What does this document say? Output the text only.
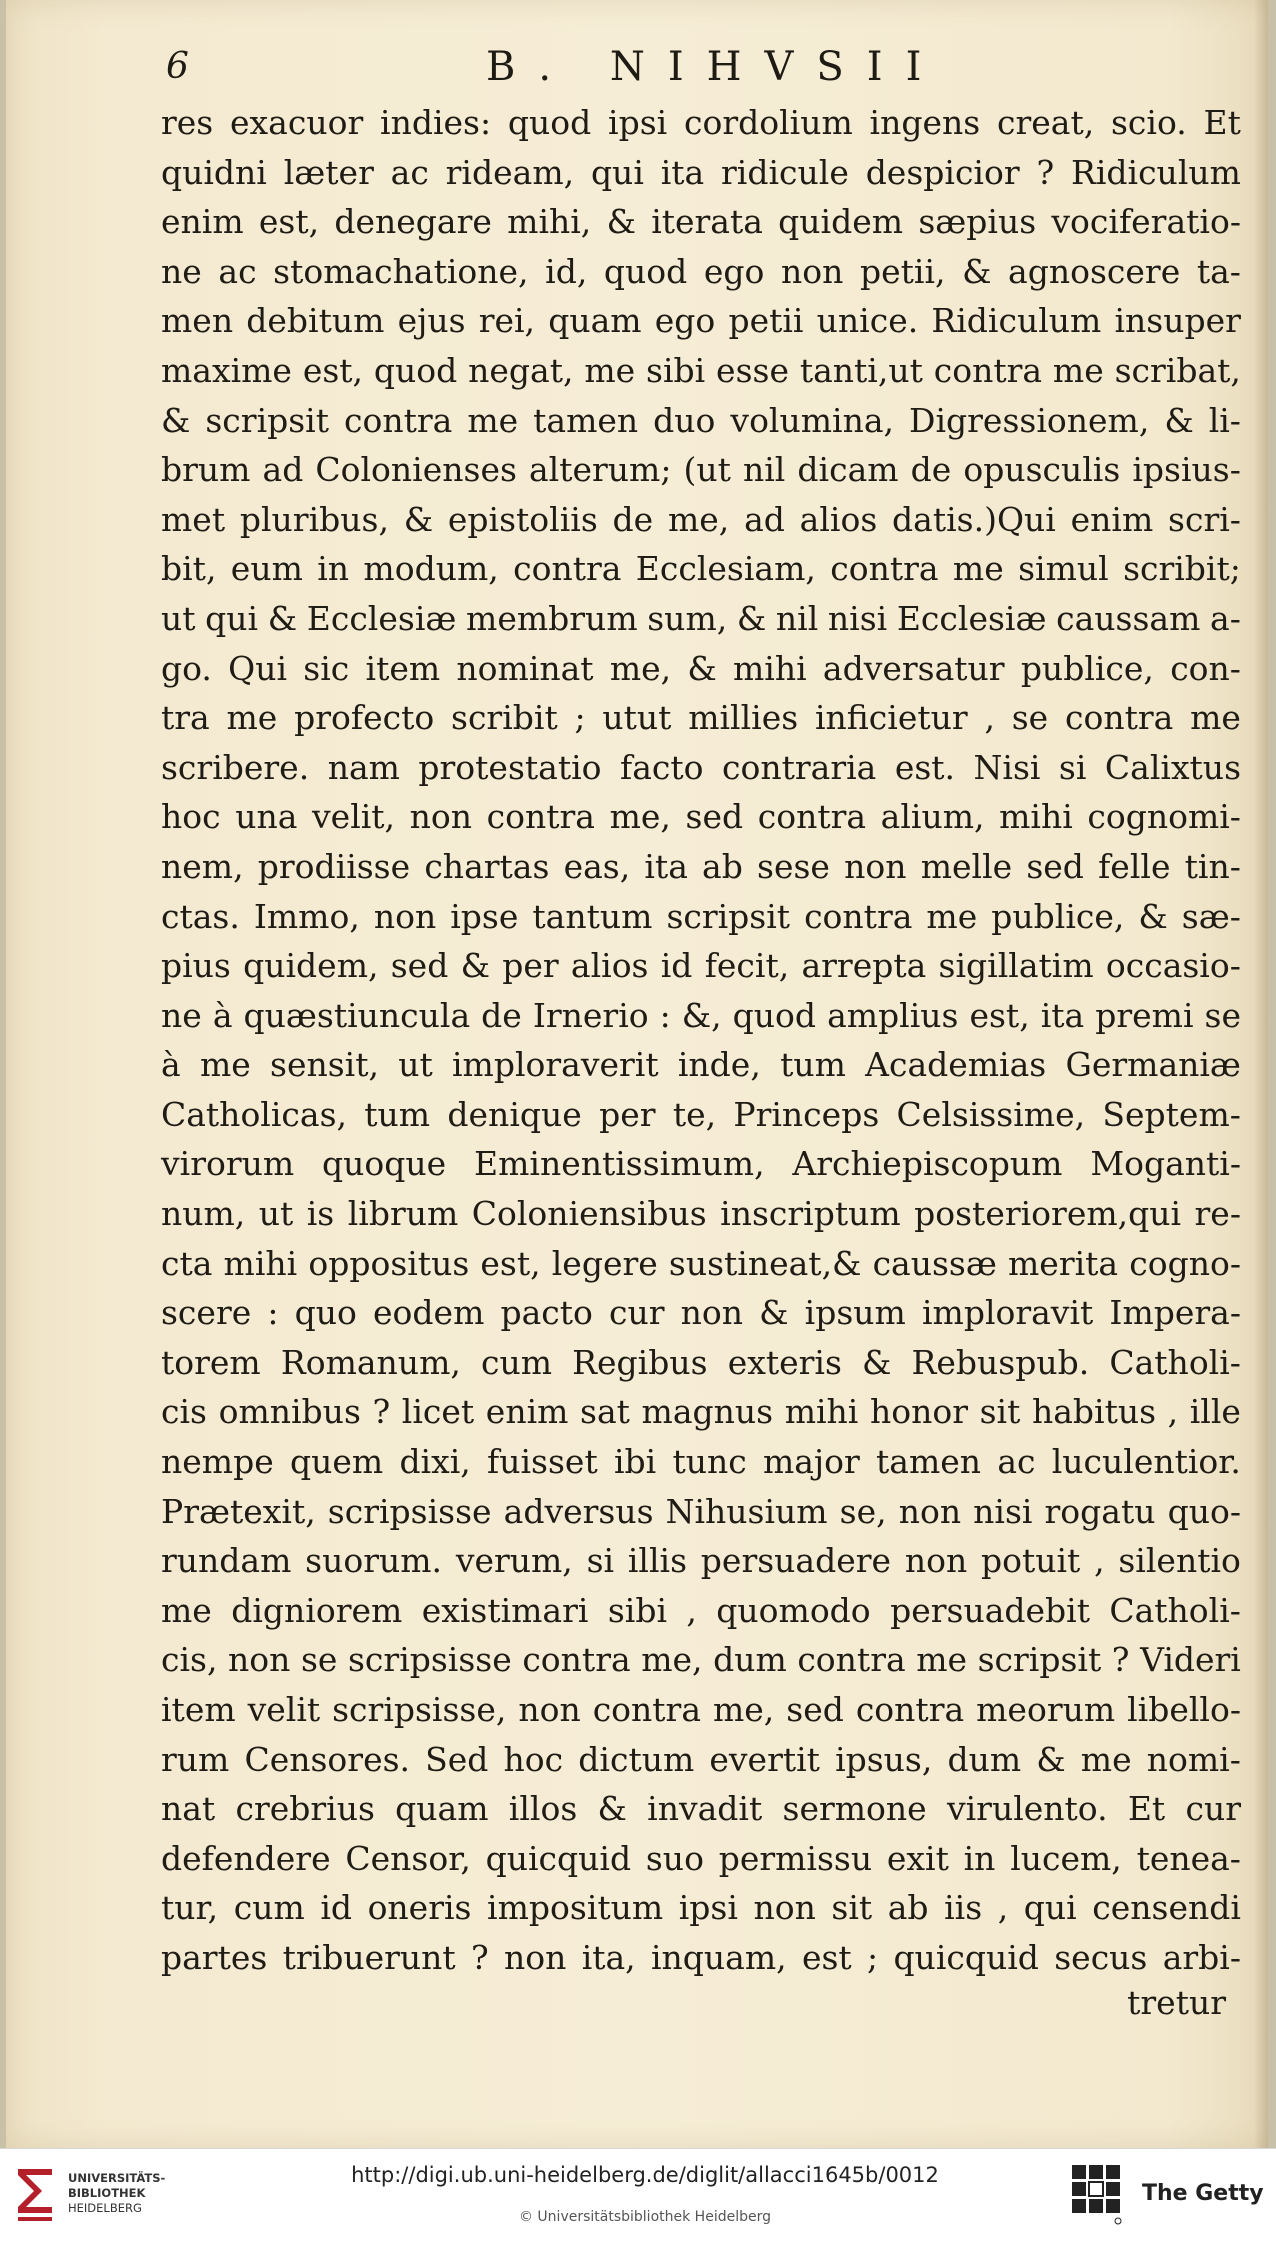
6	B. NIHVSII
res exacuor indies: quod ipsi cordolium ingens creat, scio. Et
quidni læter ac rideam, qui ita ridicule despicior ? Ridiculum
enim est, denegare mihi, & iterata quidem sæpius vociferatio-
ne ac stomachatione, id, quod ego non petii, & agnoscere ta-
men debitum ejus rei, quam ego petii unice. Ridiculum insuper
maxime est, quod negat, me sibi esse tanti,ut contra me scribat,
& scripsit contra me tamen duo volumina, Digressionem, & li-
brum ad Colonienses alterum; (ut nil dicam de opusculis ipsius-
met pluribus, & epistoliis de me, ad alios datis.)Qui enim scri-
bit, eum in modum, contra Ecclesiam, contra me simul scribit;
ut qui & Ecclesiæ membrum sum, & nil nisi Ecclesiæ caussam a-
go. Qui sic item nominat me, & mihi adversatur publice, con-
tra me profecto scribit ; utut millies inficietur , se contra me
scribere. nam protestatio facto contraria est. Nisi si Calixtus
hoc una velit, non contra me, sed contra alium, mihi cognomi-
nem, prodiisse chartas eas, ita ab sese non melle sed felle tin-
ctas. Immo, non ipse tantum scripsit contra me publice, & sæ-
pius quidem, sed & per alios id fecit, arrepta sigillatim occasio-
ne à quæstiuncula de Irnerio : &, quod amplius est, ita premi se
à me sensit, ut imploraverit inde, tum Academias Germaniæ
Catholicas, tum denique per te, Princeps Celsissime, Septem-
virorum quoque Eminentissimum, Archiepiscopum Moganti-
num, ut is librum Coloniensibus inscriptum posteriorem,qui re-
cta mihi oppositus est, legere sustineat,& caussæ merita cogno-
scere : quo eodem pacto cur non & ipsum imploravit Impera-
torem Romanum, cum Regibus exteris & Rebuspub. Catholi-
cis omnibus ? licet enim sat magnus mihi honor sit habitus , ille
nempe quem dixi, fuisset ibi tunc major tamen ac luculentior.
Prætexit, scripsisse adversus Nihusium se, non nisi rogatu quo-
rundam suorum. verum, si illis persuadere non potuit , silentio
me digniorem existimari sibi , quomodo persuadebit Catholi-
cis, non se scripsisse contra me, dum contra me scripsit ? Videri
item velit scripsisse, non contra me, sed contra meorum libello-
rum Censores. Sed hoc dictum evertit ipsus, dum & me nomi-
nat crebrius quam illos & invadit sermone virulento. Et cur
defendere Censor, quicquid suo permissu exit in lucem, tenea-
tur, cum id oneris impositum ipsi non sit ab iis , qui censendi
partes tribuerunt ? non ita, inquam, est ; quicquid secus arbi-
tretur
UNIVERSITÄTS-
BIBLIOTHEK
HEIDELBERG
http://digi.ub.uni-heidelberg.de/diglit/allacci1645b/0012
© Universitätsbibliothek Heidelberg
The Getty
